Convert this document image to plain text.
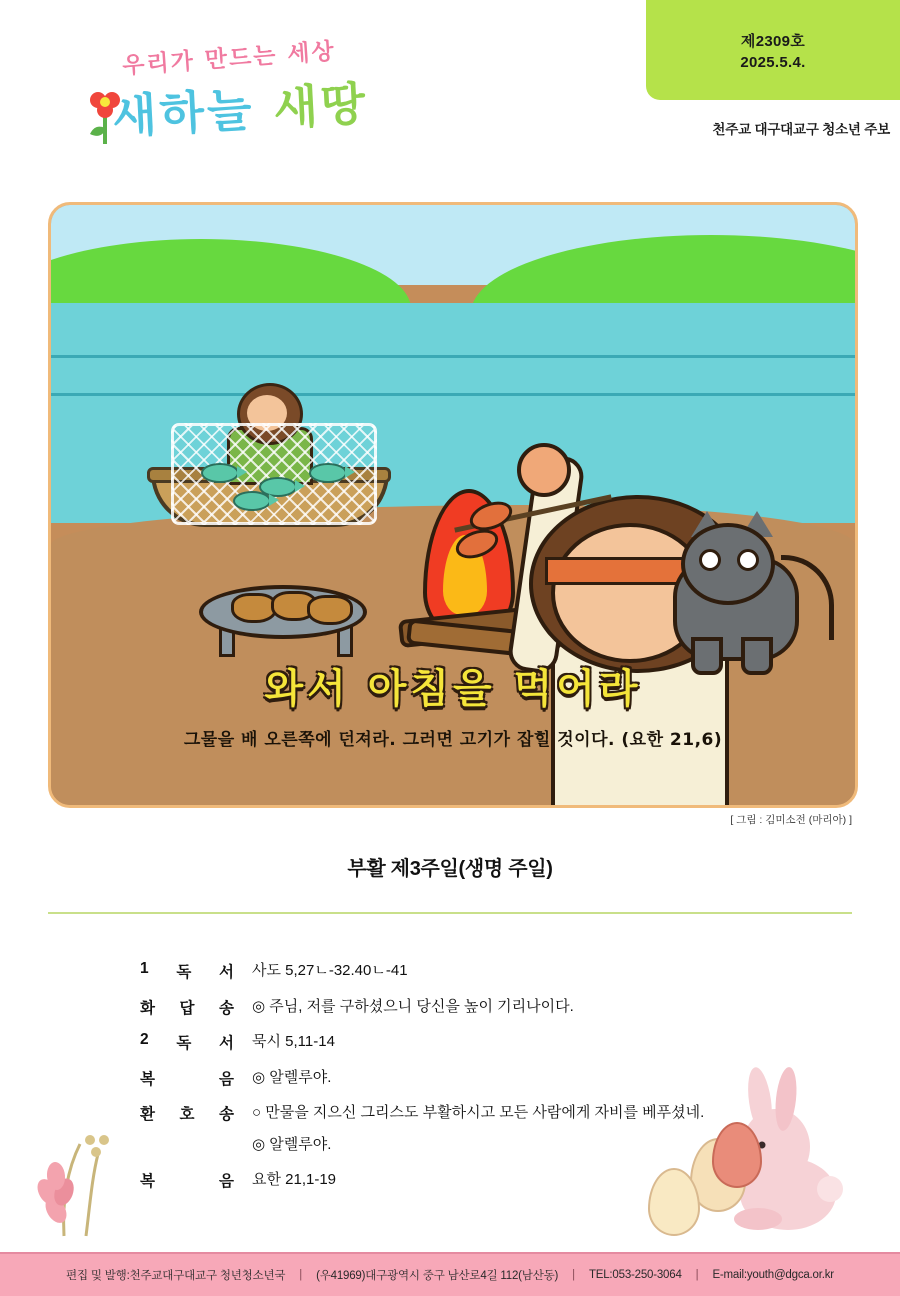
제2309호
2025.5.4.
우리가 만드는 세상
새하늘 새땅	천주교 대구대교구 청소년 주보
와서 아침을 먹어라
그물을 배 오른쪽에 던져라. 그러면 고기가 잡힐 것이다. (요한 21,6)
[ 그림 : 김미소전 (마리아) ]
부활 제3주일(생명 주일)
1 독 서 사도 5,27ㄴ-32.40ㄴ-41
화 답 송 ◎ 주님, 저를 구하셨으니 당신을 높이 기리나이다.
2 독 서 묵시 5,11-14
복	음 ◎ 알렐루야.
환 호 송 ○ 만물을 지으신 그리스도 부활하시고 모든 사람에게 자비를 베푸셨네.
◎ 알렐루야.
복	음 요한 21,1-19
편집 및 발행:천주교대구대교구 청년청소년국 | (우41969)대구광역시 중구 남산로4길 112(남산동) | TEL:053-250-3064 | E-mail:youth@dgca.or.kr
